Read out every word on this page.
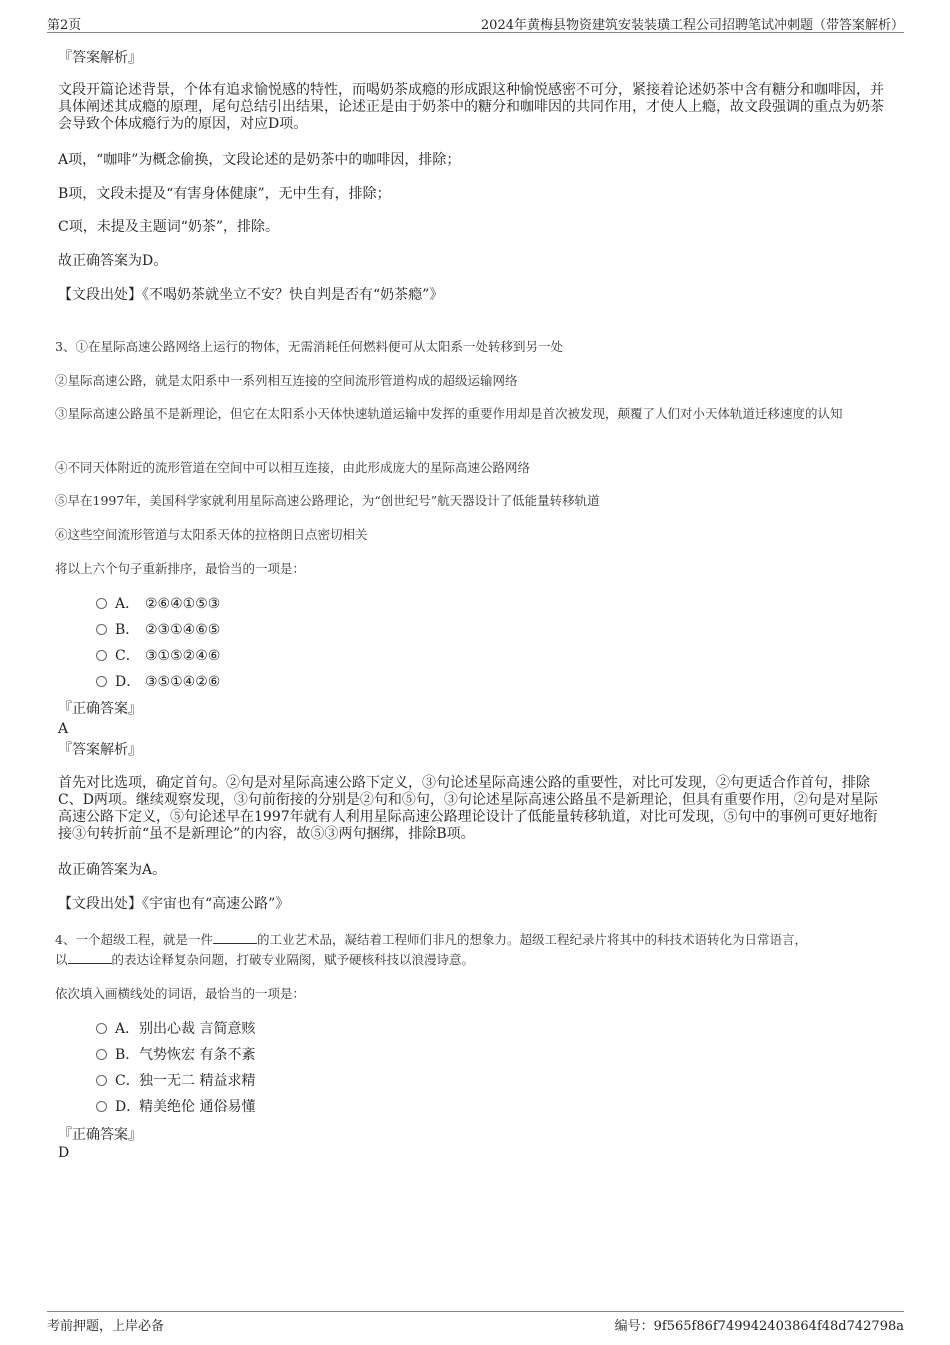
第2页	2024年黄梅县物资建筑安装装璜工程公司招聘笔试冲刺题（带答案解析）
『答案解析』
文段开篇论述背景，个体有追求愉悦感的特性，而喝奶茶成瘾的形成跟这种愉悦感密不可分，紧接着论述奶茶中含有糖分和咖啡因，并具体阐述其成瘾的原理，尾句总结引出结果，论述正是由于奶茶中的糖分和咖啡因的共同作用，才使人上瘾，故文段强调的重点为奶茶会导致个体成瘾行为的原因，对应D项。
A项，“咖啡”为概念偷换，文段论述的是奶茶中的咖啡因，排除；
B项，文段未提及“有害身体健康”，无中生有，排除；
C项，未提及主题词“奶茶”，排除。
故正确答案为D。
【文段出处】《不喝奶茶就坐立不安？快自判是否有“奶茶瘾”》
3、①在星际高速公路网络上运行的物体，无需消耗任何燃料便可从太阳系一处转移到另一处
②星际高速公路，就是太阳系中一系列相互连接的空间流形管道构成的超级运输网络
③星际高速公路虽不是新理论，但它在太阳系小天体快速轨道运输中发挥的重要作用却是首次被发现，颠覆了人们对小天体轨道迁移速度的认知
④不同天体附近的流形管道在空间中可以相互连接，由此形成庞大的星际高速公路网络
⑤早在1997年，美国科学家就利用星际高速公路理论，为“创世纪号”航天器设计了低能量转移轨道
⑥这些空间流形管道与太阳系天体的拉格朗日点密切相关
将以上六个句子重新排序，最恰当的一项是：
A． ②⑥④①⑤③
B． ②③①④⑥⑤
C． ③①⑤②④⑥
D． ③⑤①④②⑥
『正确答案』
A
『答案解析』
首先对比选项，确定首句。②句是对星际高速公路下定义，③句论述星际高速公路的重要性，对比可发现，②句更适合作首句，排除C、D两项。继续观察发现，③句前衔接的分别是②句和⑤句，③句论述星际高速公路虽不是新理论，但具有重要作用，②句是对星际高速公路下定义，⑤句论述早在1997年就有人利用星际高速公路理论设计了低能量转移轨道，对比可发现，⑤句中的事例可更好地衔接③句转折前“虽不是新理论”的内容，故⑤③两句捆绑，排除B项。
故正确答案为A。
【文段出处】《宇宙也有“高速公路”》
4、一个超级工程，就是一件	的工业艺术品，凝结着工程师们非凡的想象力。超级工程纪录片将其中的科技术语转化为日常语言，
以	的表达诠释复杂问题，打破专业隔阂，赋予硬核科技以浪漫诗意。
依次填入画横线处的词语，最恰当的一项是：
A．别出心裁 言简意赅
B．气势恢宏 有条不紊
C．独一无二 精益求精
D．精美绝伦 通俗易懂
『正确答案』
D
考前押题，上岸必备	编号：9f565f86f749942403864f48d742798a
